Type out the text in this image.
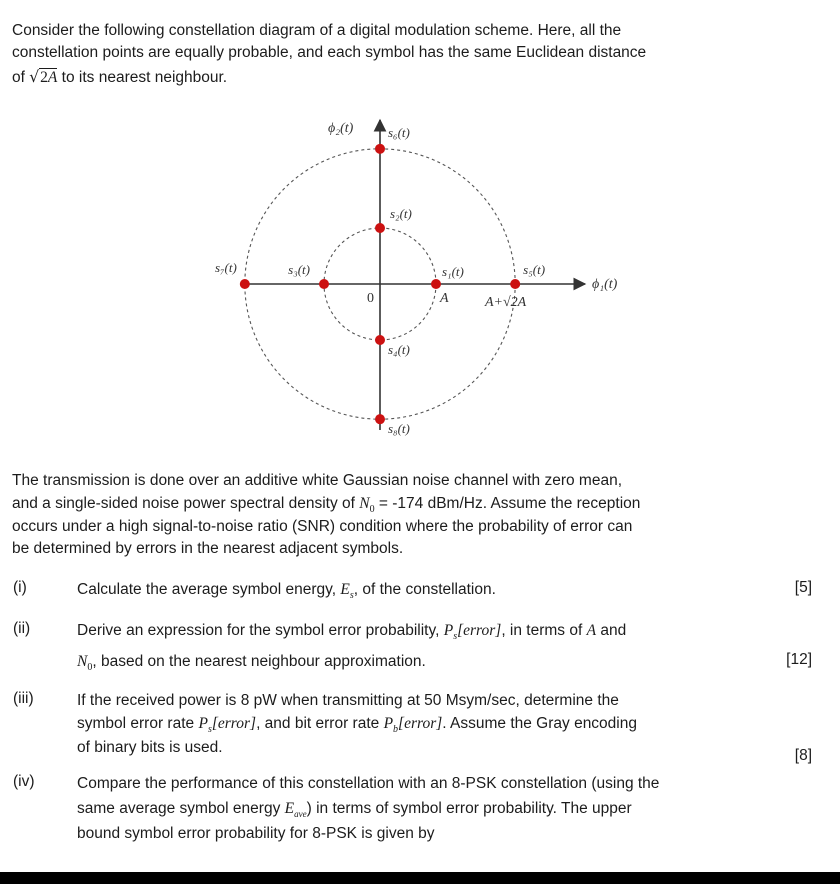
Consider the following constellation diagram of a digital modulation scheme. Here, all the
constellation points are equally probable, and each symbol has the same Euclidean distance
of √2A to its nearest neighbour.
s₁(t)
s₂(t)
s₃(t)
s₄(t)
s₅(t)
s₆(t)
s₇(t)
s₈(t)
ϕ₂(t)
ϕ₁(t)
0	A	A+√2A
The transmission is done over an additive white Gaussian noise channel with zero mean,
and a single-sided noise power spectral density of $N_0 = -174$ dBm/Hz. Assume the reception
occurs under a high signal-to-noise ratio (SNR) condition where the probability of error can
be determined by errors in the nearest adjacent symbols.
(i)	Calculate the average symbol energy, $E_s$, of the constellation.	[5]
(ii)	Derive an expression for the symbol error probability, $P_s[error]$, in terms of A and
$N_0$, based on the nearest neighbour approximation.	[12]
(iii)	If the received power is 8 pW when transmitting at 50 Msym/sec, determine the
symbol error rate $P_s[error]$, and bit error rate $P_b[error]$. Assume the Gray encoding
of binary bits is used.	[8]
(iv)	Compare the performance of this constellation with an 8-PSK constellation (using the
same average symbol energy $E_{ave}$) in terms of symbol error probability. The upper
bound symbol error probability for 8-PSK is given by
